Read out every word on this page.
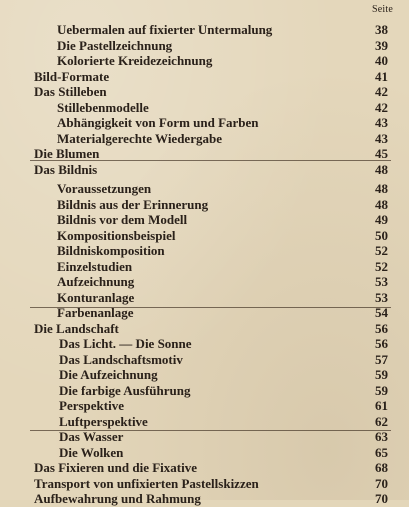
Seite
Uebermalen auf fixierter Untermalung	38
Die Pastellzeichnung	39
Kolorierte Kreidezeichnung	40
Bild-Formate	41
Das Stilleben	42
Stillebenmodelle	42
Abhängigkeit von Form und Farben	43
Materialgerechte Wiedergabe	43
Die Blumen	45
Das Bildnis	48
Voraussetzungen	48
Bildnis aus der Erinnerung	48
Bildnis vor dem Modell	49
Kompositionsbeispiel	50
Bildniskomposition	52
Einzelstudien	52
Aufzeichnung	53
Konturanlage	53
Farbenanlage	54
Die Landschaft	56
Das Licht. — Die Sonne	56
Das Landschaftsmotiv	57
Die Aufzeichnung	59
Die farbige Ausführung	59
Perspektive	61
Luftperspektive	62
Das Wasser	63
Die Wolken	65
Das Fixieren und die Fixative	68
Transport von unfixierten Pastellskizzen	70
Aufbewahrung und Rahmung	70
